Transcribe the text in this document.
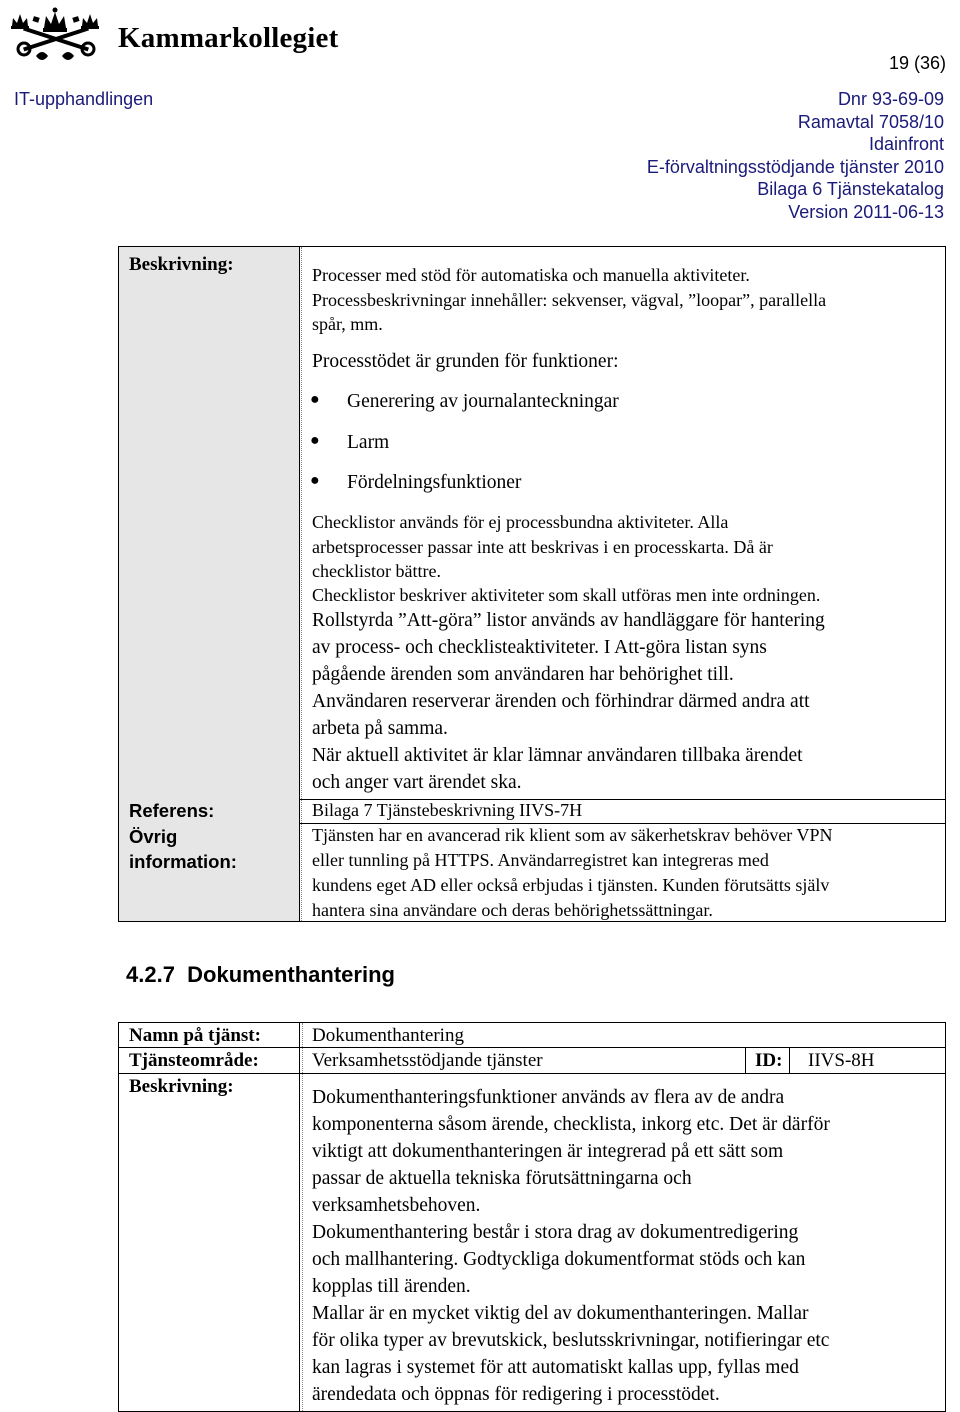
Kammarkollegiet
19 (36)
IT-upphandlingen	Dnr 93-69-09
Ramavtal 7058/10
Idainfront
E-förvaltningsstödjande tjänster 2010
Bilaga 6 Tjänstekatalog
Version 2011-06-13
Beskrivning:
Referens:
Övrig
information:
Processer med stöd för automatiska och manuella aktiviteter.
Processbeskrivningar innehåller: sekvenser, vägval, ”loopar”, parallella
spår, mm.
Processtödet är grunden för funktioner:
● Generering av journalanteckningar
● Larm
● Fördelningsfunktioner
Checklistor används för ej processbundna aktiviteter. Alla
arbetsprocesser passar inte att beskrivas i en processkarta. Då är
checklistor bättre.
Checklistor beskriver aktiviteter som skall utföras men inte ordningen.
Rollstyrda ”Att-göra” listor används av handläggare för hantering
av process- och checklisteaktiviteter. I Att-göra listan syns
pågående ärenden som användaren har behörighet till.
Användaren reserverar ärenden och förhindrar därmed andra att
arbeta på samma.
När aktuell aktivitet är klar lämnar användaren tillbaka ärendet
och anger vart ärendet ska.
Bilaga 7 Tjänstebeskrivning IIVS-7H
Tjänsten har en avancerad rik klient som av säkerhetskrav behöver VPN
eller tunnling på HTTPS. Användarregistret kan integreras med
kundens eget AD eller också erbjudas i tjänsten. Kunden förutsätts själv
hantera sina användare och deras behörighetssättningar.
4.2.7 Dokumenthantering
Namn på tjänst:
Tjänsteområde:
Beskrivning:
Dokumenthantering
Verksamhetsstödjande tjänster	ID: IIVS-8H
Dokumenthanteringsfunktioner används av flera av de andra
komponenterna såsom ärende, checklista, inkorg etc. Det är därför
viktigt att dokumenthanteringen är integrerad på ett sätt som
passar de aktuella tekniska förutsättningarna och
verksamhetsbehoven.
Dokumenthantering består i stora drag av dokumentredigering
och mallhantering. Godtyckliga dokumentformat stöds och kan
kopplas till ärenden.
Mallar är en mycket viktig del av dokumenthanteringen. Mallar
för olika typer av brevutskick, beslutsskrivningar, notifieringar etc
kan lagras i systemet för att automatiskt kallas upp, fyllas med
ärendedata och öppnas för redigering i processtödet.
